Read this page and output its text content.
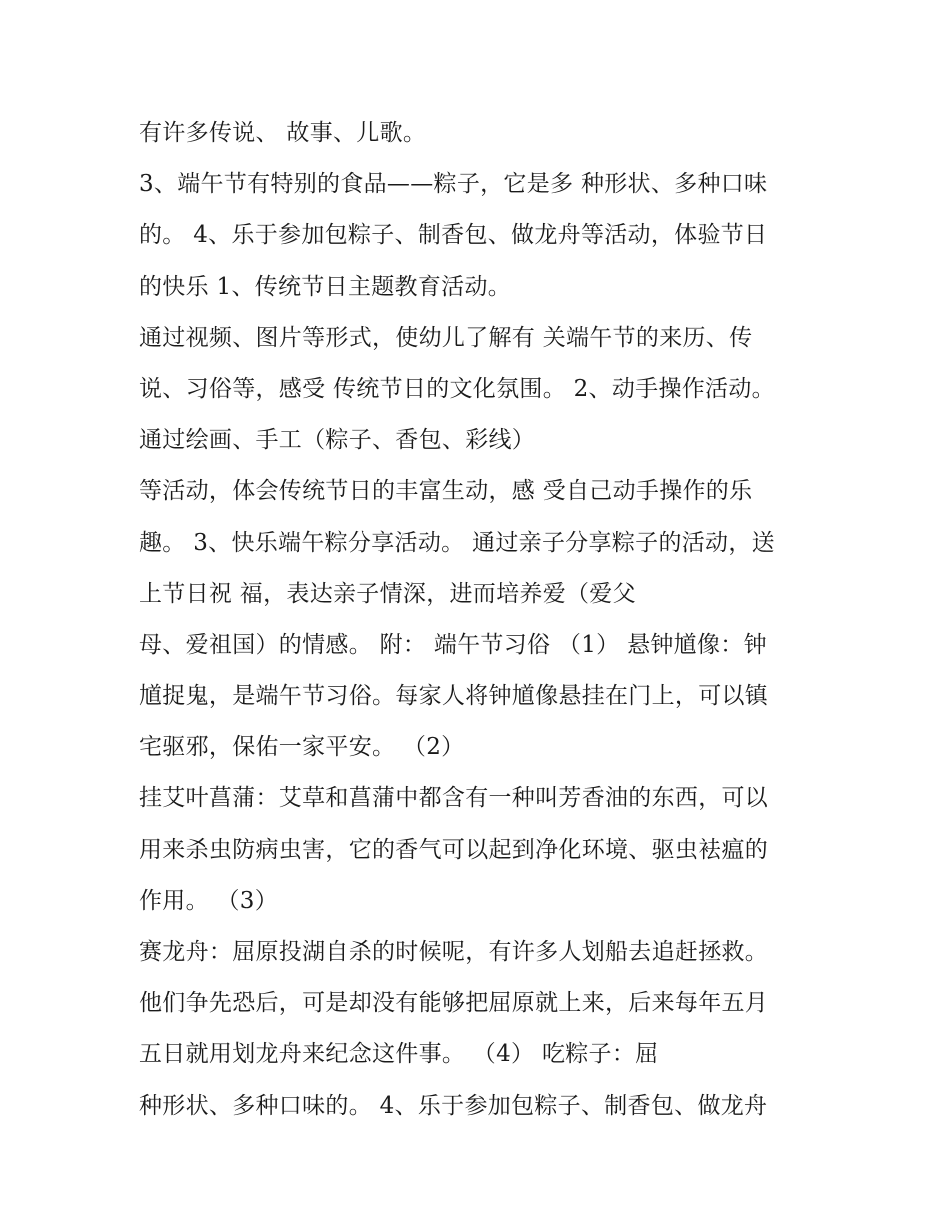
有许多传说、 故事、儿歌。
3、端午节有特别的食品——粽子，它是多 种形状、多种口味
的。 4、乐于参加包粽子、制香包、做龙舟等活动，体验节日
的快乐 1、传统节日主题教育活动。
通过视频、图片等形式，使幼儿了解有 关端午节的来历、传
说、习俗等，感受 传统节日的文化氛围。 2、动手操作活动。
通过绘画、手工（粽子、香包、彩线）
等活动，体会传统节日的丰富生动，感 受自己动手操作的乐
趣。 3、快乐端午粽分享活动。 通过亲子分享粽子的活动，送
上节日祝 福，表达亲子情深，进而培养爱（爱父
母、爱祖国）的情感。 附： 端午节习俗 （1） 悬钟馗像：钟
馗捉鬼，是端午节习俗。每家人将钟馗像悬挂在门上，可以镇
宅驱邪，保佑一家平安。 （2）
挂艾叶菖蒲：艾草和菖蒲中都含有一种叫芳香油的东西，可以
用来杀虫防病虫害，它的香气可以起到净化环境、驱虫袪瘟的
作用。 （3）
赛龙舟：屈原投湖自杀的时候呢，有许多人划船去追赶拯救。
他们争先恐后，可是却没有能够把屈原就上来，后来每年五月
五日就用划龙舟来纪念这件事。 （4） 吃粽子：屈
种形状、多种口味的。 4、乐于参加包粽子、制香包、做龙舟
